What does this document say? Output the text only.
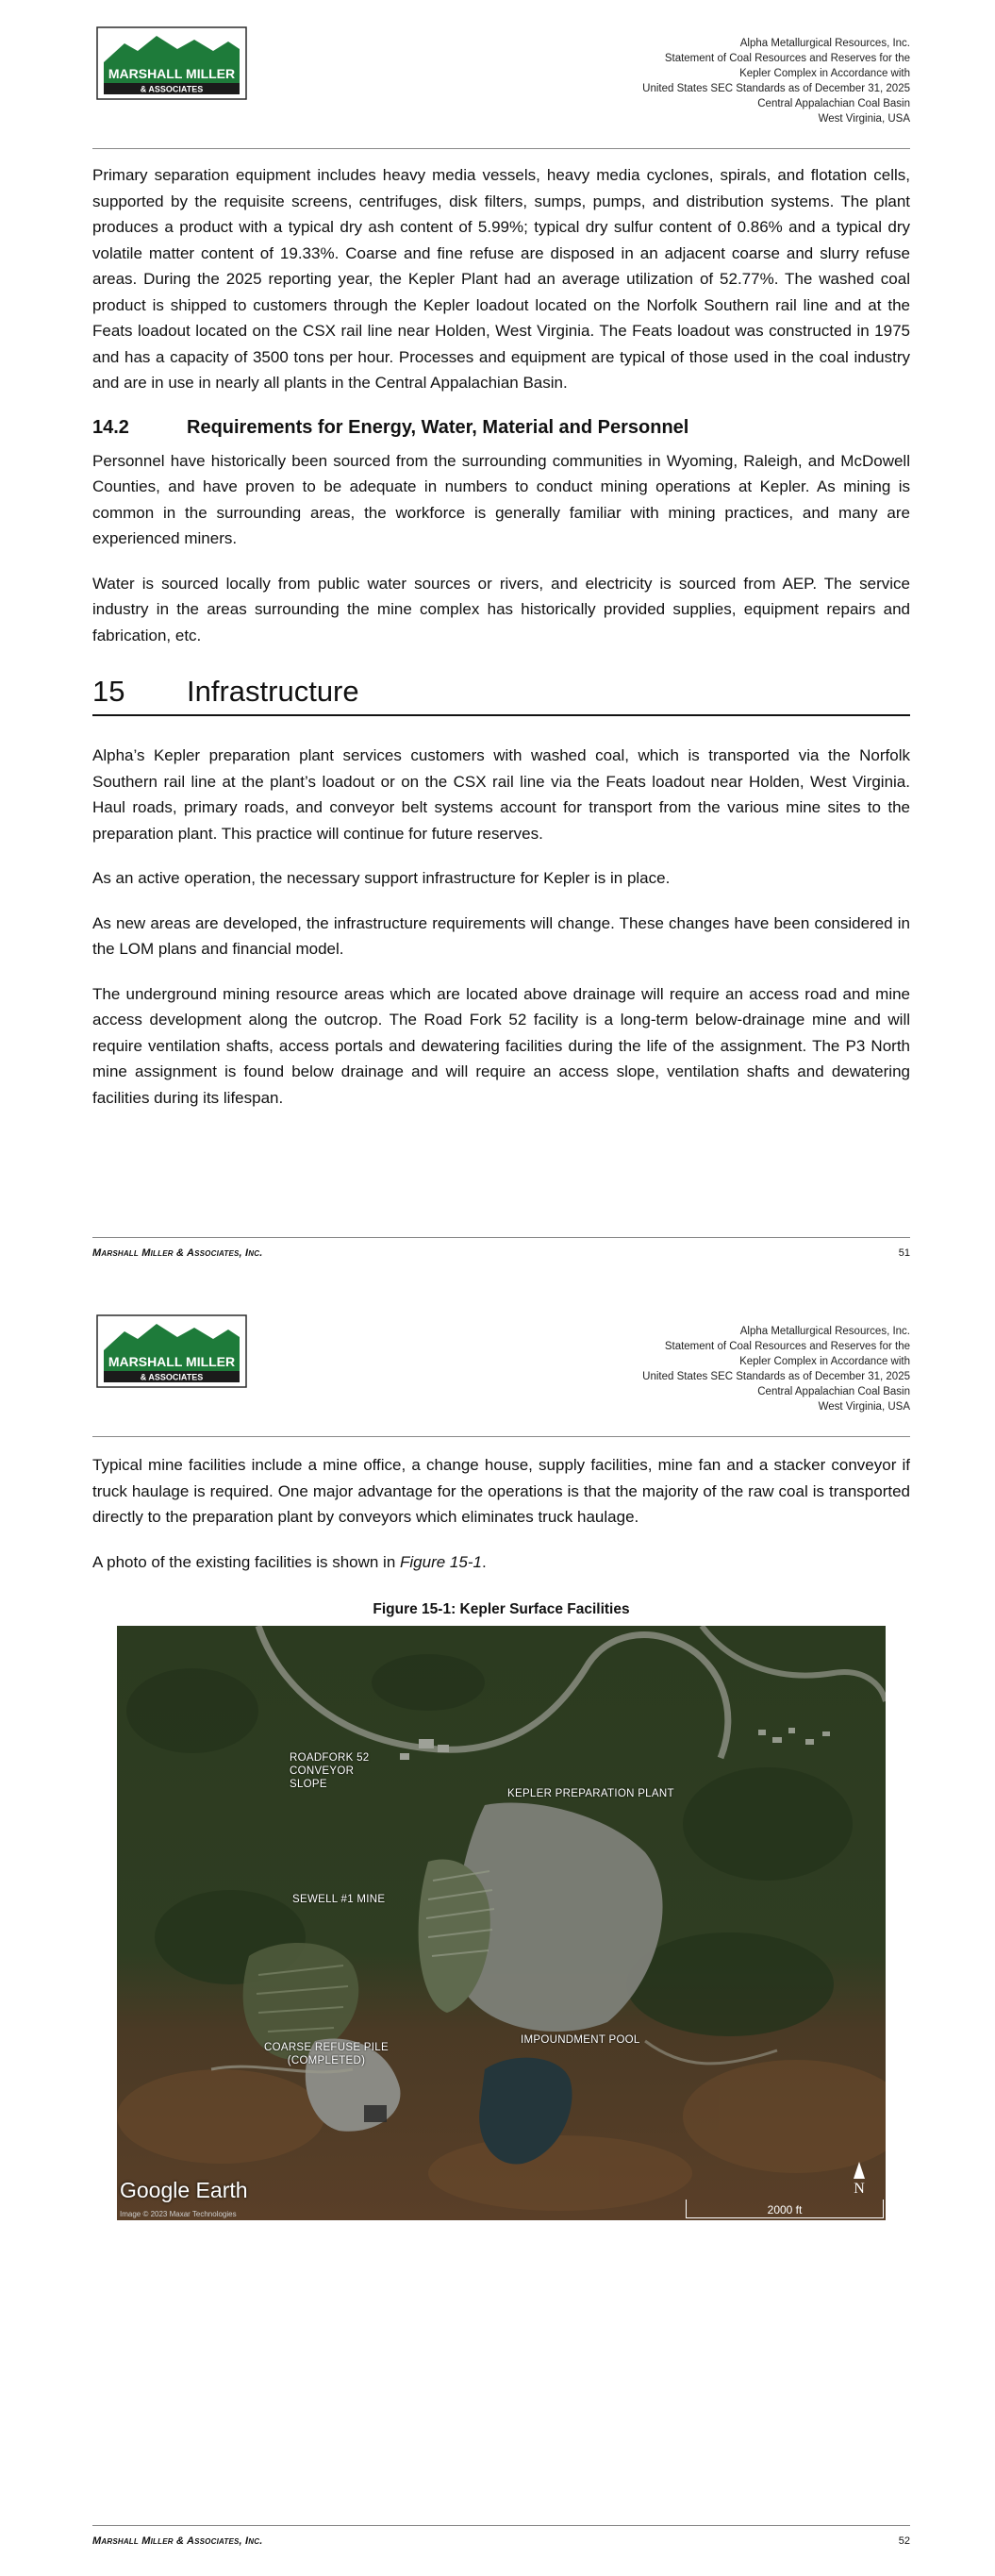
MARSHALL MILLER
& ASSOCIATES
Alpha Metallurgical Resources, Inc.
Statement of Coal Resources and Reserves for the
Kepler Complex in Accordance with
United States SEC Standards as of December 31, 2025
Central Appalachian Coal Basin
West Virginia, USA

Primary separation equipment includes heavy media vessels, heavy media cyclones, spirals, and flotation cells, supported by the requisite screens, centrifuges, disk filters, sumps, pumps, and distribution systems. The plant produces a product with a typical dry ash content of 5.99%; typical dry sulfur content of 0.86% and a typical dry volatile matter content of 19.33%. Coarse and fine refuse are disposed in an adjacent coarse and slurry refuse areas. During the 2025 reporting year, the Kepler Plant had an average utilization of 52.77%. The washed coal product is shipped to customers through the Kepler loadout located on the Norfolk Southern rail line and at the Feats loadout located on the CSX rail line near Holden, West Virginia. The Feats loadout was constructed in 1975 and has a capacity of 3500 tons per hour. Processes and equipment are typical of those used in the coal industry and are in use in nearly all plants in the Central Appalachian Basin.

14.2	Requirements for Energy, Water, Material and Personnel

Personnel have historically been sourced from the surrounding communities in Wyoming, Raleigh, and McDowell Counties, and have proven to be adequate in numbers to conduct mining operations at Kepler. As mining is common in the surrounding areas, the workforce is generally familiar with mining practices, and many are experienced miners.

Water is sourced locally from public water sources or rivers, and electricity is sourced from AEP. The service industry in the areas surrounding the mine complex has historically provided supplies, equipment repairs and fabrication, etc.

15	Infrastructure

Alpha’s Kepler preparation plant services customers with washed coal, which is transported via the Norfolk Southern rail line at the plant’s loadout or on the CSX rail line via the Feats loadout near Holden, West Virginia. Haul roads, primary roads, and conveyor belt systems account for transport from the various mine sites to the preparation plant. This practice will continue for future reserves.

As an active operation, the necessary support infrastructure for Kepler is in place.

As new areas are developed, the infrastructure requirements will change. These changes have been considered in the LOM plans and financial model.

The underground mining resource areas which are located above drainage will require an access road and mine access development along the outcrop. The Road Fork 52 facility is a long-term below-drainage mine and will require ventilation shafts, access portals and dewatering facilities during the life of the assignment. The P3 North mine assignment is found below drainage and will require an access slope, ventilation shafts and dewatering facilities during its lifespan.

Marshall Miller & Associates, Inc.	51
MARSHALL MILLER
& ASSOCIATES
Alpha Metallurgical Resources, Inc.
Statement of Coal Resources and Reserves for the
Kepler Complex in Accordance with
United States SEC Standards as of December 31, 2025
Central Appalachian Coal Basin
West Virginia, USA

Typical mine facilities include a mine office, a change house, supply facilities, mine fan and a stacker conveyor if truck haulage is required. One major advantage for the operations is that the majority of the raw coal is transported directly to the preparation plant by conveyors which eliminates truck haulage.

A photo of the existing facilities is shown in Figure 15-1.

Figure 15-1: Kepler Surface Facilities
ROADFORK 52
CONVEYOR
SLOPE
KEPLER PREPARATION PLANT
SEWELL #1 MINE
COARSE REFUSE PILE
(COMPLETED)
IMPOUNDMENT POOL
Google Earth
Image © 2023 Maxar Technologies
N
2000 ft
Marshall Miller & Associates, Inc.	52
